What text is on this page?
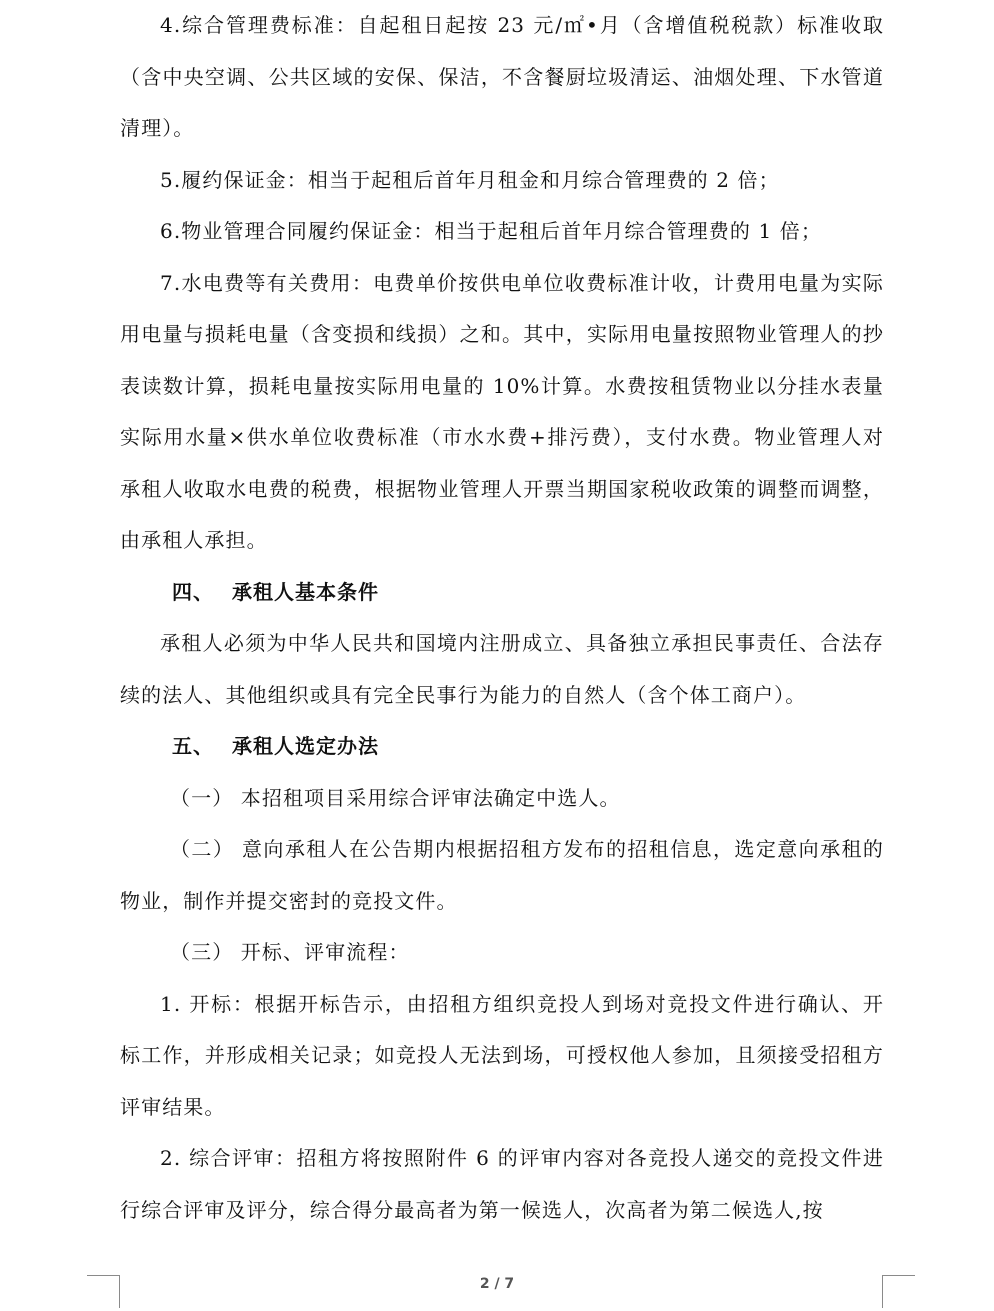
4.综合管理费标准：自起租日起按 23 元/㎡•月（含增值税税款）标准收取（含中央空调、公共区域的安保、保洁，不含餐厨垃圾清运、油烟处理、下水管道清理）。

5.履约保证金：相当于起租后首年月租金和月综合管理费的 2 倍；

6.物业管理合同履约保证金：相当于起租后首年月综合管理费的 1 倍；

7.水电费等有关费用：电费单价按供电单位收费标准计收，计费用电量为实际用电量与损耗电量（含变损和线损）之和。其中，实际用电量按照物业管理人的抄表读数计算，损耗电量按实际用电量的 10%计算。水费按租赁物业以分挂水表量实际用水量×供水单位收费标准（市水水费+排污费），支付水费。物业管理人对承租人收取水电费的税费，根据物业管理人开票当期国家税收政策的调整而调整，由承租人承担。

四、 承租人基本条件

承租人必须为中华人民共和国境内注册成立、具备独立承担民事责任、合法存续的法人、其他组织或具有完全民事行为能力的自然人（含个体工商户）。

五、 承租人选定办法

（一） 本招租项目采用综合评审法确定中选人。

（二） 意向承租人在公告期内根据招租方发布的招租信息，选定意向承租的物业，制作并提交密封的竞投文件。

（三） 开标、评审流程：

1. 开标：根据开标告示，由招租方组织竞投人到场对竞投文件进行确认、开标工作，并形成相关记录；如竞投人无法到场，可授权他人参加，且须接受招租方评审结果。

2. 综合评审：招租方将按照附件 6 的评审内容对各竞投人递交的竞投文件进行综合评审及评分，综合得分最高者为第一候选人，次高者为第二候选人,按

2 / 7
